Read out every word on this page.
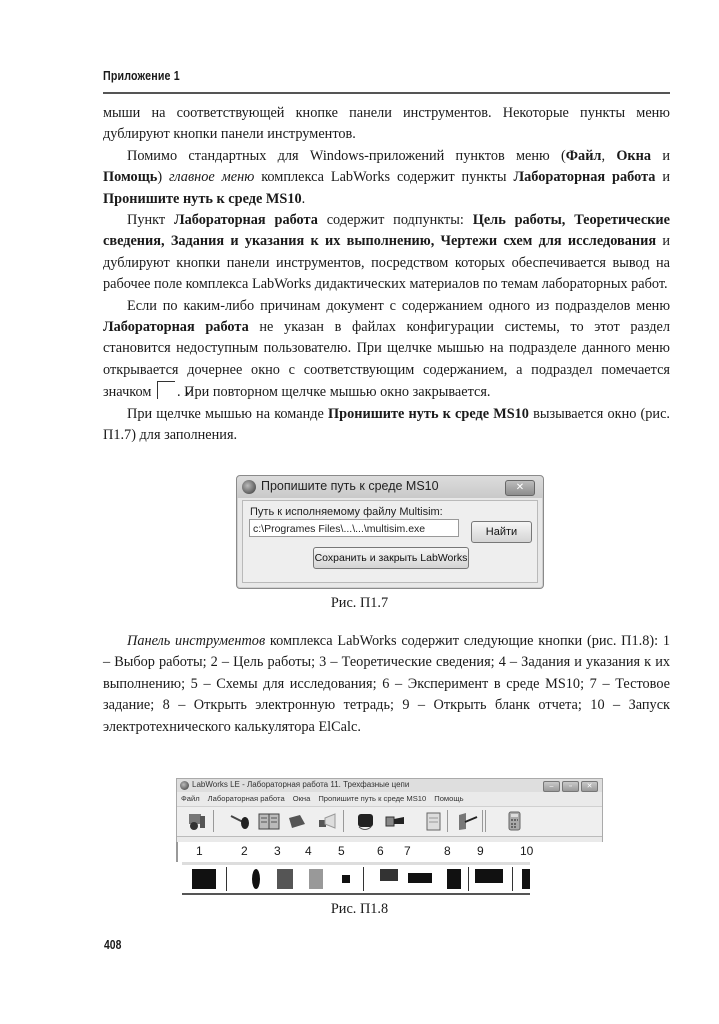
Приложение 1

мыши на соответствующей кнопке панели инструментов. Некоторые пункты меню дублируют кнопки панели инструментов.

Помимо стандартных для Windows-приложений пунктов меню (Файл, Окна и Помощь) главное меню комплекса LabWorks содержит пункты Лабораторная работа и Пронишите нуть к среде MS10.

Пункт Лабораторная работа содержит подпункты: Цель работы, Теоретические сведения, Задания и указания к их выполнению, Чертежи схем для исследования и дублируют кнопки панели инструментов, посредством которых обеспечивается вывод на рабочее поле комплекса LabWorks дидактических материалов по темам лабораторных работ.

Если по каким-либо причинам документ с содержанием одного из подразделов меню Лабораторная работа не указан в файлах конфигурации системы, то этот раздел становится недоступным пользователю. При щелчке мышью на подразделе данного меню открывается дочернее окно с соответствующим содержанием, а подраздел помечается значком ✓ . При повторном щелчке мышью окно закрывается.

При щелчке мышью на команде Пронишите нуть к среде MS10 вызывается окно (рис. П1.7) для заполнения.

Пропишите путь к среде MS10	✕
Путь к исполняемому файлу Multisim:
c:\Programes Files\...\...\multisim.exe	Найти
Сохранить и закрыть LabWorks
Рис. П1.7

Панель инструментов комплекса LabWorks содержит следующие кнопки (рис. П1.8): 1 – Выбор работы; 2 – Цель работы; 3 – Теоретические сведения; 4 – Задания и указания к их выполнению; 5 – Схемы для исследования; 6 – Эксперимент в среде MS10; 7 – Тестовое задание; 8 – Открыть электронную тетрадь; 9 – Открыть бланк отчета; 10 – Запуск электротехнического калькулятора ElCalc.

LabWorks LE - Лабораторная работа 11. Трехфазные цепи	–	▫	✕
Файл Лабораторная работа Окна Пропишите путь к среде MS10 Помощь
1	2 3 4 5	6 7	8 9	10
Рис. П1.8
408
